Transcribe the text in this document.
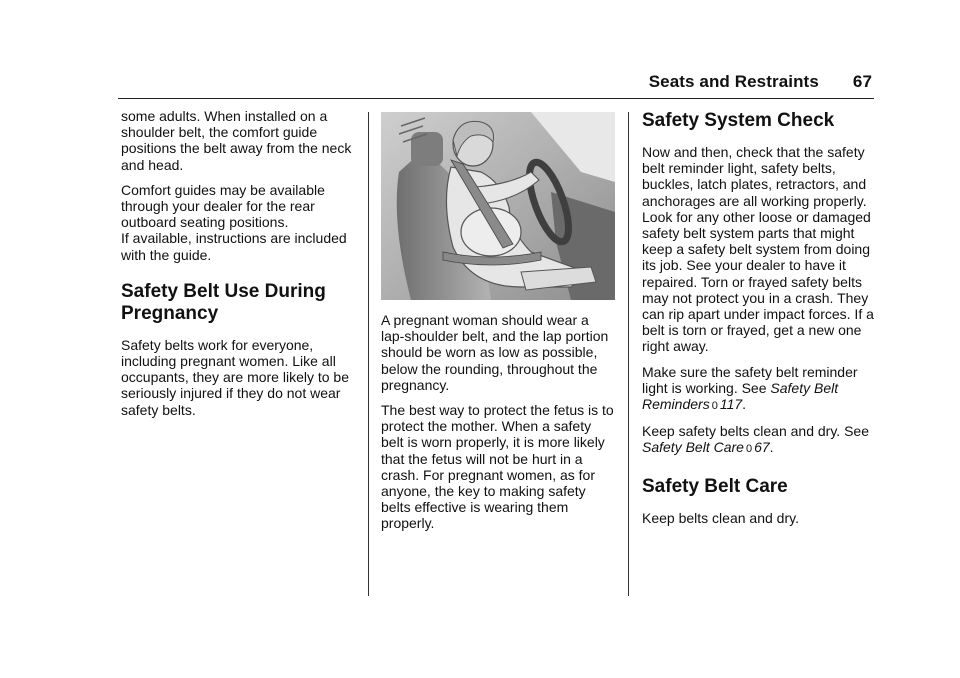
Seats and Restraints 67

some adults. When installed on a shoulder belt, the comfort guide positions the belt away from the neck and head.

Comfort guides may be available through your dealer for the rear outboard seating positions.
If available, instructions are included with the guide.

Safety Belt Use During Pregnancy

Safety belts work for everyone, including pregnant women. Like all occupants, they are more likely to be seriously injured if they do not wear safety belts.

A pregnant woman should wear a lap-shoulder belt, and the lap portion should be worn as low as possible, below the rounding, throughout the pregnancy.

The best way to protect the fetus is to protect the mother. When a safety belt is worn properly, it is more likely that the fetus will not be hurt in a crash. For pregnant women, as for anyone, the key to making safety belts effective is wearing them properly.

Safety System Check

Now and then, check that the safety belt reminder light, safety belts, buckles, latch plates, retractors, and anchorages are all working properly. Look for any other loose or damaged safety belt system parts that might keep a safety belt system from doing its job. See your dealer to have it repaired. Torn or frayed safety belts may not protect you in a crash. They can rip apart under impact forces. If a belt is torn or frayed, get a new one right away.

Make sure the safety belt reminder light is working. See Safety Belt Reminders 0 117.

Keep safety belts clean and dry. See Safety Belt Care 0 67.

Safety Belt Care

Keep belts clean and dry.
